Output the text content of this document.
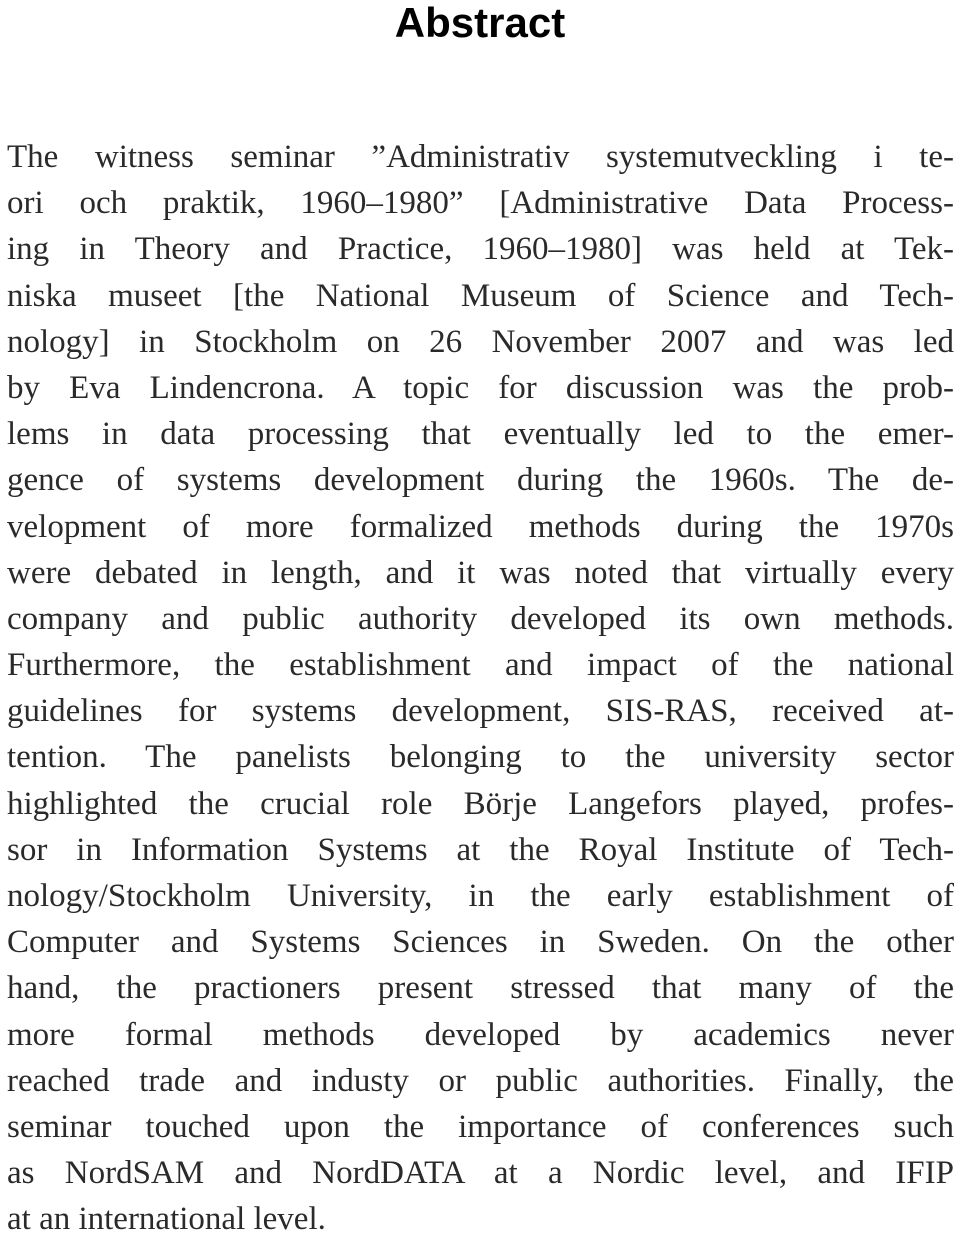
Abstract
The witness seminar ”Administrativ systemutveckling i te-
ori och praktik, 1960–1980” [Administrative Data Process-
ing in Theory and Practice, 1960–1980] was held at Tek-
niska museet [the National Museum of Science and Tech-
nology] in Stockholm on 26 November 2007 and was led
by Eva Lindencrona. A topic for discussion was the prob-
lems in data processing that eventually led to the emer-
gence of systems development during the 1960s. The de-
velopment of more formalized methods during the 1970s
were debated in length, and it was noted that virtually every
company and public authority developed its own methods.
Furthermore, the establishment and impact of the national
guidelines for systems development, SIS-RAS, received at-
tention. The panelists belonging to the university sector
highlighted the crucial role Börje Langefors played, profes-
sor in Information Systems at the Royal Institute of Tech-
nology/Stockholm University, in the early establishment of
Computer and Systems Sciences in Sweden. On the other
hand, the practioners present stressed that many of the
more formal methods developed by academics never
reached trade and industy or public authorities. Finally, the
seminar touched upon the importance of conferences such
as NordSAM and NordDATA at a Nordic level, and IFIP
at an international level.
